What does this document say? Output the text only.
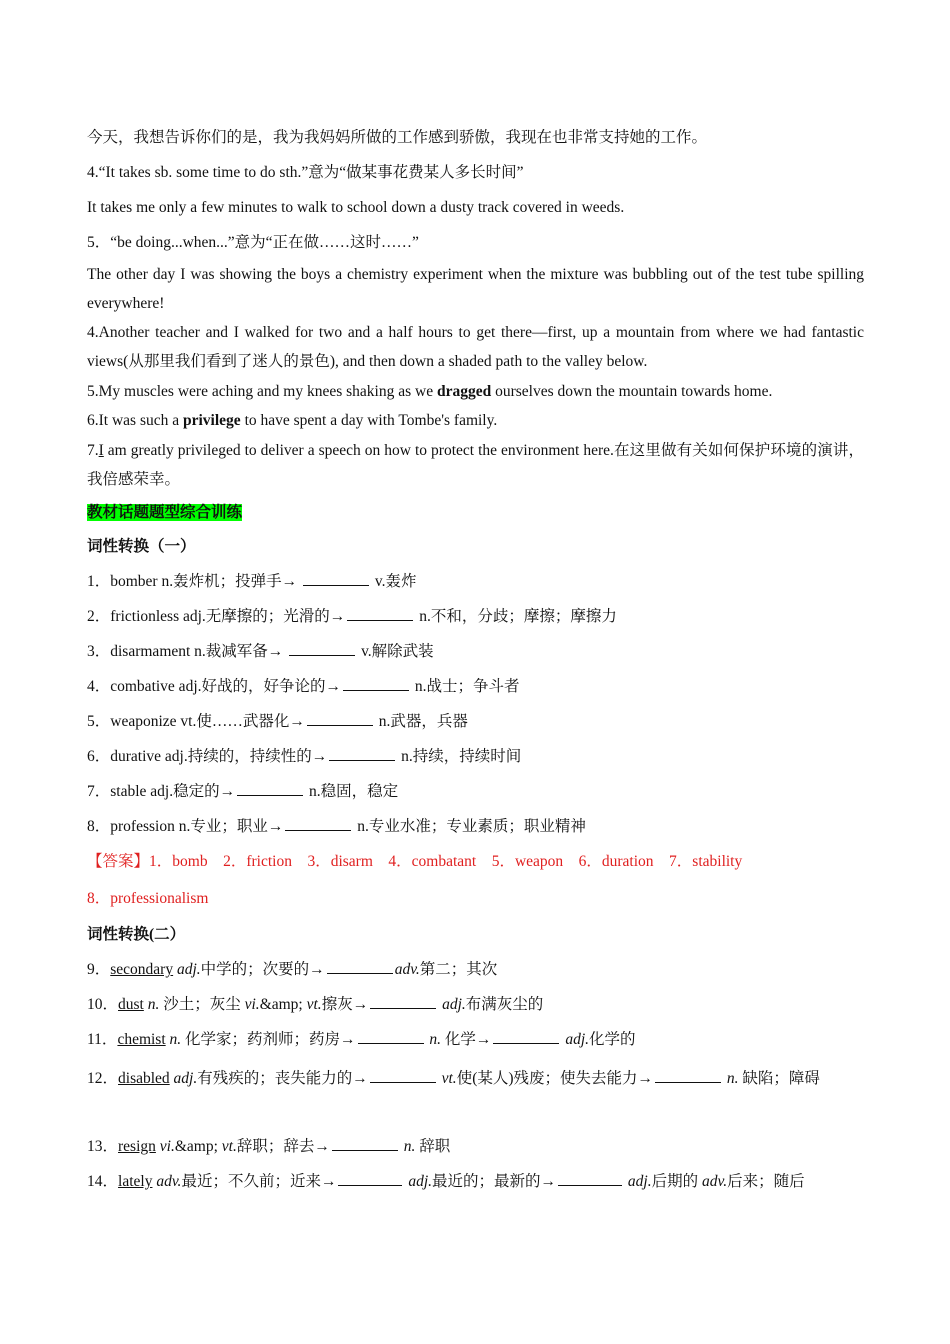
今天，我想告诉你们的是，我为我妈妈所做的工作感到骄傲，我现在也非常支持她的工作。
4.“It takes sb. some time to do sth.”意为“做某事花费某人多长时间”
It takes me only a few minutes to walk to school down a dusty track covered in weeds.
5．“be doing...when...”意为“正在做……这时……”
The other day I was showing the boys a chemistry experiment when the mixture was bubbling out of the test tube spilling everywhere!
4.Another teacher and I walked for two and a half hours to get there—first, up a mountain from where we had fantastic views(从那里我们看到了迷人的景色), and then down a shaded path to the valley below.
5.My muscles were aching and my knees shaking as we dragged ourselves down the mountain towards home.
6.It was such a privilege to have spent a day with Tombe's family.
7.I am greatly privileged to deliver a speech on how to protect the environment here.在这里做有关如何保护环境的演讲，我倍感荣幸。
教材话题题型综合训练
词性转换（一）
1．bomber n.轰炸机；投弹手→	v.轰炸
2．frictionless adj.无摩擦的；光滑的→	n.不和，分歧；摩擦；摩擦力
3．disarmament n.裁减军备→	v.解除武装
4．combative adj.好战的，好争论的→	n.战士；争斗者
5．weaponize vt.使……武器化→	n.武器，兵器
6．durative adj.持续的，持续性的→	n.持续，持续时间
7．stable adj.稳定的→	n.稳固，稳定
8．profession n.专业；职业→	n.专业水准；专业素质；职业精神
【答案】1．bomb　2．friction　3．disarm　4．combatant　5．weapon　6．duration　7．stability
8．professionalism
词性转换(二）
9．secondary adj.中学的；次要的→	adv.第二；其次
10．dust n. 沙土；灰尘 vi.&amp; vt.擦灰→	adj.布满灰尘的
11．chemist n. 化学家；药剂师；药房→	n. 化学→	adj.化学的
12．disabled adj.有残疾的；丧失能力的→	vt.使(某人)残废；使失去能力→	n. 缺陷；障碍
13．resign vi.&amp; vt.辞职；辞去→	n. 辞职
14．lately adv.最近；不久前；近来→	adj.最近的；最新的→	adj.后期的 adv.后来；随后
